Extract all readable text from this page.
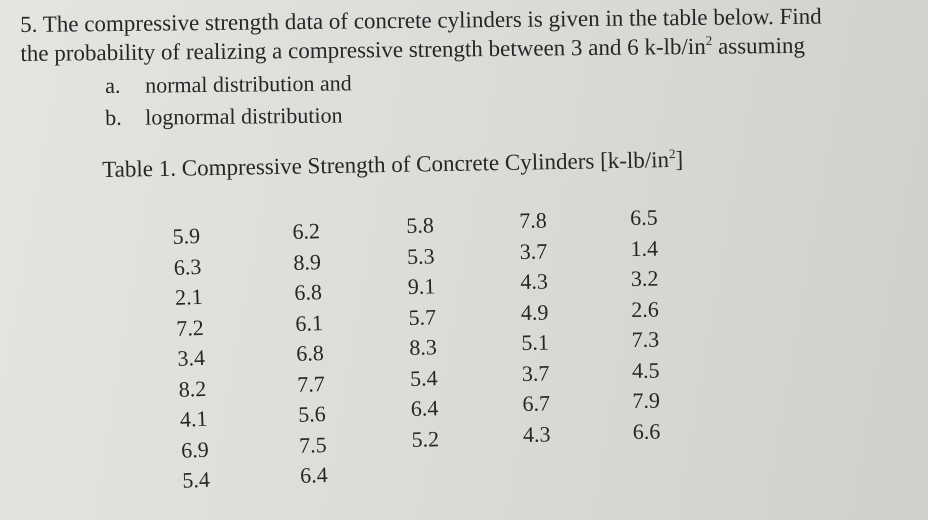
5. The compressive strength data of concrete cylinders is given in the table below. Find
the probability of realizing a compressive strength between 3 and 6 $k-lb/in^2$ assuming
a. normal distribution and
b. lognormal distribution
Table 1. Compressive Strength of Concrete Cylinders $[k-lb/in^2]$
5.9
6.3
2.1
7.2
3.4
8.2
4.1
6.9
5.4
6.2
8.9
6.8
6.1
6.8
7.7
5.6
7.5
6.4
5.8
5.3
9.1
5.7
8.3
5.4
6.4
5.2
7.8
3.7
4.3
4.9
5.1
3.7
6.7
4.3
6.5
1.4
3.2
2.6
7.3
4.5
7.9
6.6
